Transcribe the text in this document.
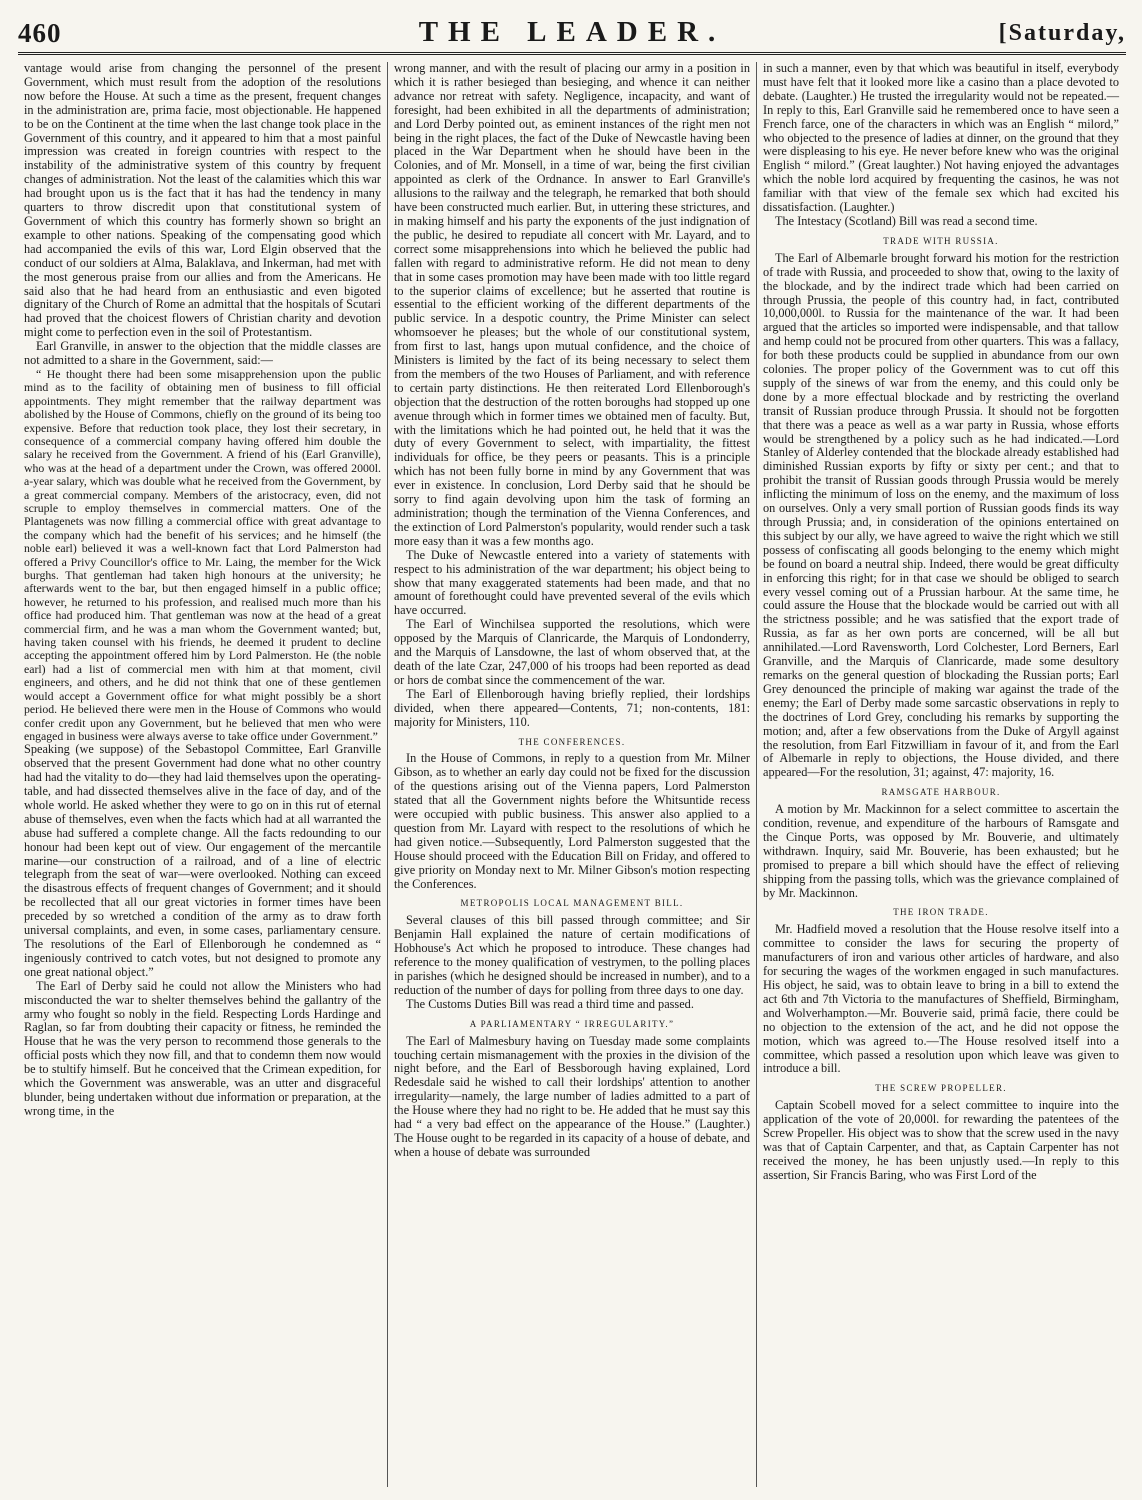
460	THE LEADER.	[Saturday,

vantage would arise from changing the personnel of the present Government, which must result from the adoption of the resolutions now before the House. At such a time as the present, frequent changes in the administration are, prima facie, most objectionable. He happened to be on the Continent at the time when the last change took place in the Government of this country, and it appeared to him that a most painful impression was created in foreign countries with respect to the instability of the administrative system of this country by frequent changes of administration. Not the least of the calamities which this war had brought upon us is the fact that it has had the tendency in many quarters to throw discredit upon that constitutional system of Government of which this country has formerly shown so bright an example to other nations. Speaking of the compensating good which had accompanied the evils of this war, Lord Elgin observed that the conduct of our soldiers at Alma, Balaklava, and Inkerman, had met with the most generous praise from our allies and from the Americans. He said also that he had heard from an enthusiastic and even bigoted dignitary of the Church of Rome an admittal that the hospitals of Scutari had proved that the choicest flowers of Christian charity and devotion might come to perfection even in the soil of Protestantism.

Earl Granville, in answer to the objection that the middle classes are not admitted to a share in the Government, said:—

“ He thought there had been some misapprehension upon the public mind as to the facility of obtaining men of business to fill official appointments. They might remember that the railway department was abolished by the House of Commons, chiefly on the ground of its being too expensive. Before that reduction took place, they lost their secretary, in consequence of a commercial company having offered him double the salary he received from the Government. A friend of his (Earl Granville), who was at the head of a department under the Crown, was offered 2000l. a-year salary, which was double what he received from the Government, by a great commercial company. Members of the aristocracy, even, did not scruple to employ themselves in commercial matters. One of the Plantagenets was now filling a commercial office with great advantage to the company which had the benefit of his services; and he himself (the noble earl) believed it was a well-known fact that Lord Palmerston had offered a Privy Councillor's office to Mr. Laing, the member for the Wick burghs. That gentleman had taken high honours at the university; he afterwards went to the bar, but then engaged himself in a public office; however, he returned to his profession, and realised much more than his office had produced him. That gentleman was now at the head of a great commercial firm, and he was a man whom the Government wanted; but, having taken counsel with his friends, he deemed it prudent to decline accepting the appointment offered him by Lord Palmerston. He (the noble earl) had a list of commercial men with him at that moment, civil engineers, and others, and he did not think that one of these gentlemen would accept a Government office for what might possibly be a short period. He believed there were men in the House of Commons who would confer credit upon any Government, but he believed that men who were engaged in business were always averse to take office under Government.”

Speaking (we suppose) of the Sebastopol Committee, Earl Granville observed that the present Government had done what no other country had had the vitality to do—they had laid themselves upon the operating-table, and had dissected themselves alive in the face of day, and of the whole world. He asked whether they were to go on in this rut of eternal abuse of themselves, even when the facts which had at all warranted the abuse had suffered a complete change. All the facts redounding to our honour had been kept out of view. Our engagement of the mercantile marine—our construction of a railroad, and of a line of electric telegraph from the seat of war—were overlooked. Nothing can exceed the disastrous effects of frequent changes of Government; and it should be recollected that all our great victories in former times have been preceded by so wretched a condition of the army as to draw forth universal complaints, and even, in some cases, parliamentary censure. The resolutions of the Earl of Ellenborough he condemned as “ ingeniously contrived to catch votes, but not designed to promote any one great national object.”

The Earl of Derby said he could not allow the Ministers who had misconducted the war to shelter themselves behind the gallantry of the army who fought so nobly in the field. Respecting Lords Hardinge and Raglan, so far from doubting their capacity or fitness, he reminded the House that he was the very person to recommend those generals to the official posts which they now fill, and that to condemn them now would be to stultify himself. But he conceived that the Crimean expedition, for which the Government was answerable, was an utter and disgraceful blunder, being undertaken without due information or preparation, at the wrong time, in the

wrong manner, and with the result of placing our army in a position in which it is rather besieged than besieging, and whence it can neither advance nor retreat with safety. Negligence, incapacity, and want of foresight, had been exhibited in all the departments of administration; and Lord Derby pointed out, as eminent instances of the right men not being in the right places, the fact of the Duke of Newcastle having been placed in the War Department when he should have been in the Colonies, and of Mr. Monsell, in a time of war, being the first civilian appointed as clerk of the Ordnance. In answer to Earl Granville's allusions to the railway and the telegraph, he remarked that both should have been constructed much earlier. But, in uttering these strictures, and in making himself and his party the exponents of the just indignation of the public, he desired to repudiate all concert with Mr. Layard, and to correct some misapprehensions into which he believed the public had fallen with regard to administrative reform. He did not mean to deny that in some cases promotion may have been made with too little regard to the superior claims of excellence; but he asserted that routine is essential to the efficient working of the different departments of the public service. In a despotic country, the Prime Minister can select whomsoever he pleases; but the whole of our constitutional system, from first to last, hangs upon mutual confidence, and the choice of Ministers is limited by the fact of its being necessary to select them from the members of the two Houses of Parliament, and with reference to certain party distinctions. He then reiterated Lord Ellenborough's objection that the destruction of the rotten boroughs had stopped up one avenue through which in former times we obtained men of faculty. But, with the limitations which he had pointed out, he held that it was the duty of every Government to select, with impartiality, the fittest individuals for office, be they peers or peasants. This is a principle which has not been fully borne in mind by any Government that was ever in existence. In conclusion, Lord Derby said that he should be sorry to find again devolving upon him the task of forming an administration; though the termination of the Vienna Conferences, and the extinction of Lord Palmerston's popularity, would render such a task more easy than it was a few months ago.

The Duke of Newcastle entered into a variety of statements with respect to his administration of the war department; his object being to show that many exaggerated statements had been made, and that no amount of forethought could have prevented several of the evils which have occurred.

The Earl of Winchilsea supported the resolutions, which were opposed by the Marquis of Clanricarde, the Marquis of Londonderry, and the Marquis of Lansdowne, the last of whom observed that, at the death of the late Czar, 247,000 of his troops had been reported as dead or hors de combat since the commencement of the war.

The Earl of Ellenborough having briefly replied, their lordships divided, when there appeared—Contents, 71; non-contents, 181: majority for Ministers, 110.

THE CONFERENCES.

In the House of Commons, in reply to a question from Mr. Milner Gibson, as to whether an early day could not be fixed for the discussion of the questions arising out of the Vienna papers, Lord Palmerston stated that all the Government nights before the Whitsuntide recess were occupied with public business. This answer also applied to a question from Mr. Layard with respect to the resolutions of which he had given notice.—Subsequently, Lord Palmerston suggested that the House should proceed with the Education Bill on Friday, and offered to give priority on Monday next to Mr. Milner Gibson's motion respecting the Conferences.

METROPOLIS LOCAL MANAGEMENT BILL.

Several clauses of this bill passed through committee; and Sir Benjamin Hall explained the nature of certain modifications of Hobhouse's Act which he proposed to introduce. These changes had reference to the money qualification of vestrymen, to the polling places in parishes (which he designed should be increased in number), and to a reduction of the number of days for polling from three days to one day.

The Customs Duties Bill was read a third time and passed.

A PARLIAMENTARY “ IRREGULARITY.”

The Earl of Malmesbury having on Tuesday made some complaints touching certain mismanagement with the proxies in the division of the night before, and the Earl of Bessborough having explained, Lord Redesdale said he wished to call their lordships' attention to another irregularity—namely, the large number of ladies admitted to a part of the House where they had no right to be. He added that he must say this had “ a very bad effect on the appearance of the House.” (Laughter.) The House ought to be regarded in its capacity of a house of debate, and when a house of debate was surrounded

in such a manner, even by that which was beautiful in itself, everybody must have felt that it looked more like a casino than a place devoted to debate. (Laughter.) He trusted the irregularity would not be repeated.—In reply to this, Earl Granville said he remembered once to have seen a French farce, one of the characters in which was an English “ milord,” who objected to the presence of ladies at dinner, on the ground that they were displeasing to his eye. He never before knew who was the original English “ milord.” (Great laughter.) Not having enjoyed the advantages which the noble lord acquired by frequenting the casinos, he was not familiar with that view of the female sex which had excited his dissatisfaction. (Laughter.)

The Intestacy (Scotland) Bill was read a second time.

TRADE WITH RUSSIA.

The Earl of Albemarle brought forward his motion for the restriction of trade with Russia, and proceeded to show that, owing to the laxity of the blockade, and by the indirect trade which had been carried on through Prussia, the people of this country had, in fact, contributed 10,000,000l. to Russia for the maintenance of the war. It had been argued that the articles so imported were indispensable, and that tallow and hemp could not be procured from other quarters. This was a fallacy, for both these products could be supplied in abundance from our own colonies. The proper policy of the Government was to cut off this supply of the sinews of war from the enemy, and this could only be done by a more effectual blockade and by restricting the overland transit of Russian produce through Prussia. It should not be forgotten that there was a peace as well as a war party in Russia, whose efforts would be strengthened by a policy such as he had indicated.—Lord Stanley of Alderley contended that the blockade already established had diminished Russian exports by fifty or sixty per cent.; and that to prohibit the transit of Russian goods through Prussia would be merely inflicting the minimum of loss on the enemy, and the maximum of loss on ourselves. Only a very small portion of Russian goods finds its way through Prussia; and, in consideration of the opinions entertained on this subject by our ally, we have agreed to waive the right which we still possess of confiscating all goods belonging to the enemy which might be found on board a neutral ship. Indeed, there would be great difficulty in enforcing this right; for in that case we should be obliged to search every vessel coming out of a Prussian harbour. At the same time, he could assure the House that the blockade would be carried out with all the strictness possible; and he was satisfied that the export trade of Russia, as far as her own ports are concerned, will be all but annihilated.—Lord Ravensworth, Lord Colchester, Lord Berners, Earl Granville, and the Marquis of Clanricarde, made some desultory remarks on the general question of blockading the Russian ports; Earl Grey denounced the principle of making war against the trade of the enemy; the Earl of Derby made some sarcastic observations in reply to the doctrines of Lord Grey, concluding his remarks by supporting the motion; and, after a few observations from the Duke of Argyll against the resolution, from Earl Fitzwilliam in favour of it, and from the Earl of Albemarle in reply to objections, the House divided, and there appeared—For the resolution, 31; against, 47: majority, 16.

RAMSGATE HARBOUR.

A motion by Mr. Mackinnon for a select committee to ascertain the condition, revenue, and expenditure of the harbours of Ramsgate and the Cinque Ports, was opposed by Mr. Bouverie, and ultimately withdrawn. Inquiry, said Mr. Bouverie, has been exhausted; but he promised to prepare a bill which should have the effect of relieving shipping from the passing tolls, which was the grievance complained of by Mr. Mackinnon.

THE IRON TRADE.

Mr. Hadfield moved a resolution that the House resolve itself into a committee to consider the laws for securing the property of manufacturers of iron and various other articles of hardware, and also for securing the wages of the workmen engaged in such manufactures. His object, he said, was to obtain leave to bring in a bill to extend the act 6th and 7th Victoria to the manufactures of Sheffield, Birmingham, and Wolverhampton.—Mr. Bouverie said, primâ facie, there could be no objection to the extension of the act, and he did not oppose the motion, which was agreed to.—The House resolved itself into a committee, which passed a resolution upon which leave was given to introduce a bill.

THE SCREW PROPELLER.

Captain Scobell moved for a select committee to inquire into the application of the vote of 20,000l. for rewarding the patentees of the Screw Propeller. His object was to show that the screw used in the navy was that of Captain Carpenter, and that, as Captain Carpenter has not received the money, he has been unjustly used.—In reply to this assertion, Sir Francis Baring, who was First Lord of the
